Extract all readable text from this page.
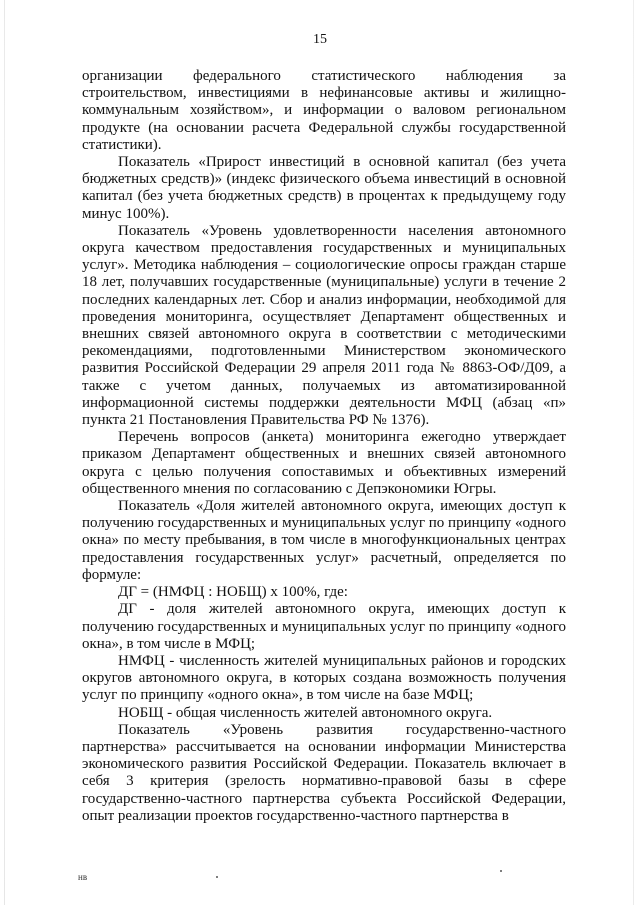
15

организации федерального статистического наблюдения за строительством, инвестициями в нефинансовые активы и жилищно-коммунальным хозяйством», и информации о валовом региональном продукте (на основании расчета Федеральной службы государственной статистики).

Показатель «Прирост инвестиций в основной капитал (без учета бюджетных средств)» (индекс физического объема инвестиций в основной капитал (без учета бюджетных средств) в процентах к предыдущему году минус 100%).

Показатель «Уровень удовлетворенности населения автономного округа качеством предоставления государственных и муниципальных услуг». Методика наблюдения – социологические опросы граждан старше 18 лет, получавших государственные (муниципальные) услуги в течение 2 последних календарных лет. Сбор и анализ информации, необходимой для проведения мониторинга, осуществляет Департамент общественных и внешних связей автономного округа в соответствии с методическими рекомендациями, подготовленными Министерством экономического развития Российской Федерации 29 апреля 2011 года № 8863-ОФ/Д09, а также с учетом данных, получаемых из автоматизированной информационной системы поддержки деятельности МФЦ (абзац «п» пункта 21 Постановления Правительства РФ № 1376).

Перечень вопросов (анкета) мониторинга ежегодно утверждает приказом Департамент общественных и внешних связей автономного округа с целью получения сопоставимых и объективных измерений общественного мнения по согласованию с Депэкономики Югры.

Показатель «Доля жителей автономного округа, имеющих доступ к получению государственных и муниципальных услуг по принципу «одного окна» по месту пребывания, в том числе в многофункциональных центрах предоставления государственных услуг» расчетный, определяется по формуле:

ДГ = (НМФЦ : НОБЩ) х 100%, где:

ДГ - доля жителей автономного округа, имеющих доступ к получению государственных и муниципальных услуг по принципу «одного окна», в том числе в МФЦ;

НМФЦ - численность жителей муниципальных районов и городских округов автономного округа, в которых создана возможность получения услуг по принципу «одного окна», в том числе на базе МФЦ;

НОБЩ - общая численность жителей автономного округа.

Показатель «Уровень развития государственно-частного партнерства» рассчитывается на основании информации Министерства экономического развития Российской Федерации. Показатель включает в себя 3 критерия (зрелость нормативно-правовой базы в сфере государственно-частного партнерства субъекта Российской Федерации, опыт реализации проектов государственно-частного партнерства в

нв
